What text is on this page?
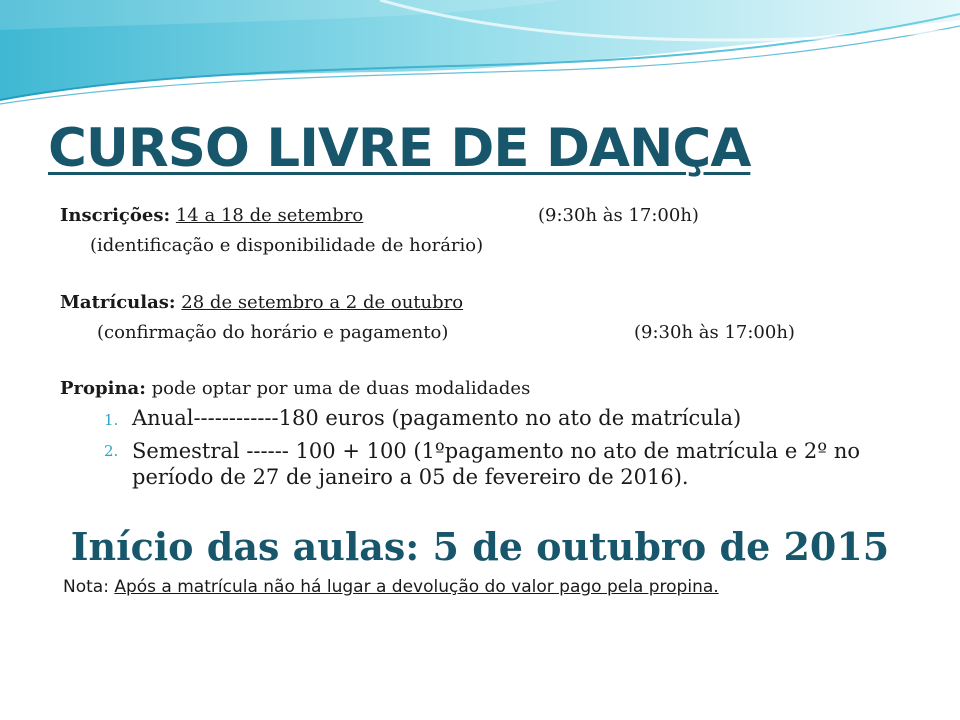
CURSO LIVRE DE DANÇA
Inscrições: 14 a 18 de setembro	(9:30h às 17:00h)
(identificação e disponibilidade de horário)
Matrículas: 28 de setembro a 2 de outubro
(confirmação do horário e pagamento)	(9:30h às 17:00h)
Propina: pode optar por uma de duas modalidades
1. Anual------------180 euros (pagamento no ato de matrícula)
2. Semestral ------ 100 + 100 (1ºpagamento no ato de matrícula e 2º no período de 27 de janeiro a 05 de fevereiro de 2016).
Início das aulas: 5 de outubro de 2015
Nota: Após a matrícula não há lugar a devolução do valor pago pela propina.
